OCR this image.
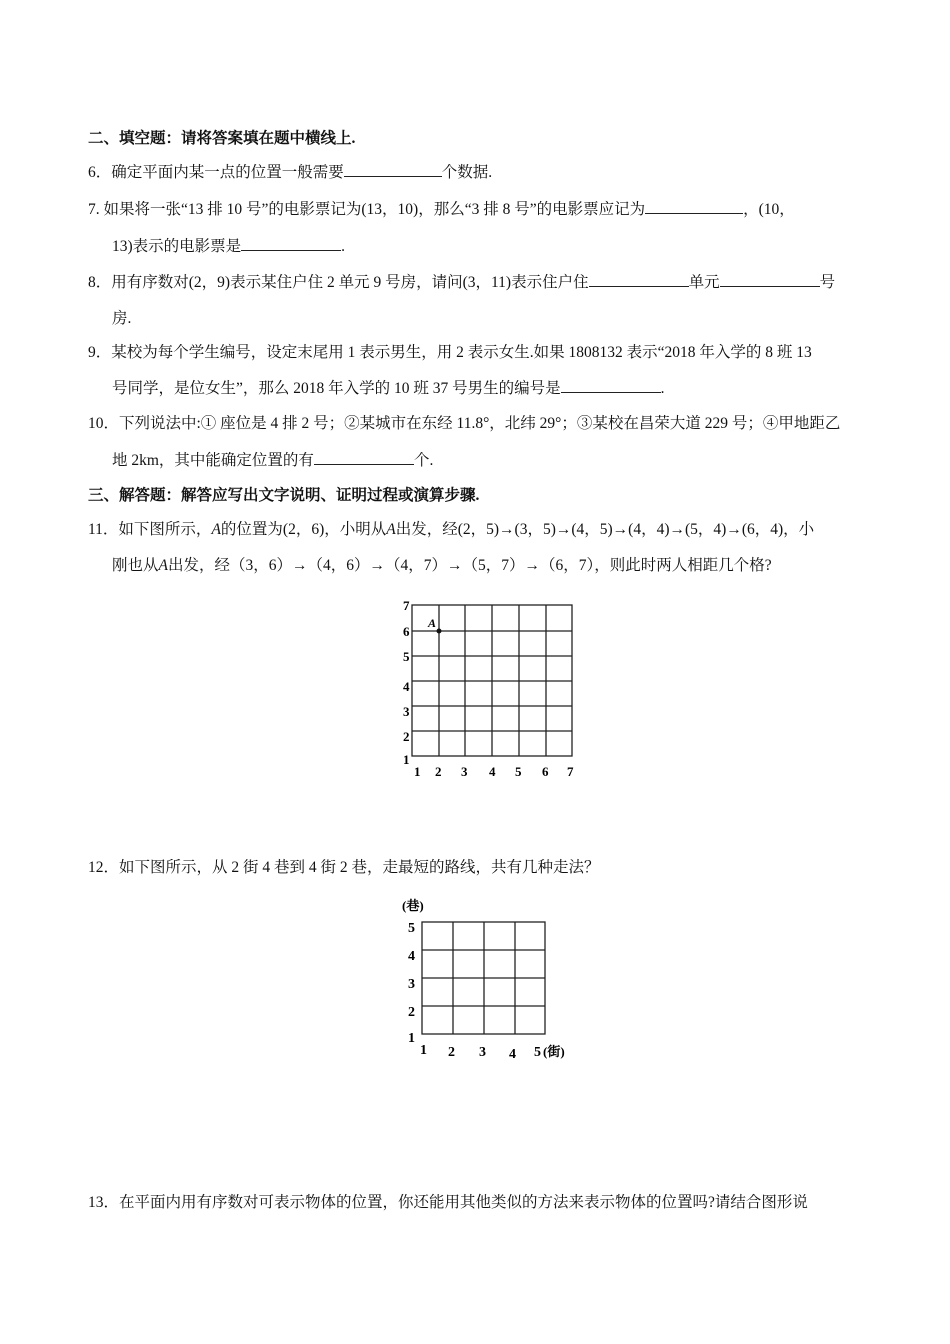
二、填空题：请将答案填在题中横线上.
6．确定平面内某一点的位置一般需要	个数据.
7. 如果将一张“13 排 10 号”的电影票记为(13，10)，那么“3 排 8 号”的电影票应记为	，(10，
13)表示的电影票是	.
8．用有序数对(2，9)表示某住户住 2 单元 9 号房，请问(3，11)表示住户住	单元	号
房.
9．某校为每个学生编号，设定末尾用 1 表示男生，用 2 表示女生.如果 1808132 表示“2018 年入学的 8 班 13
号同学，是位女生”，那么 2018 年入学的 10 班 37 号男生的编号是	.
10．下列说法中:① 座位是 4 排 2 号；②某城市在东经 11.8°，北纬 29°；③某校在昌荣大道 229 号；④甲地距乙
地 2km，其中能确定位置的有	个.
三、解答题：解答应写出文字说明、证明过程或演算步骤.
11．如下图所示，A的位置为(2，6)，小明从A出发，经(2，5)→(3，5)→(4，5)→(4，4)→(5，4)→(6，4)，小
刚也从A出发，经（3，6）→（4，6）→（4，7）→（5，7）→（6，7），则此时两人相距几个格?
A
1
2
3
4
5
6
7
1 2 3 4 5 6 7
12．如下图所示，从 2 街 4 巷到 4 街 2 巷，走最短的路线，共有几种走法？
(巷)
1
2
3
4
5
1 2 3 4 5 (街)
13．在平面内用有序数对可表示物体的位置，你还能用其他类似的方法来表示物体的位置吗?请结合图形说
